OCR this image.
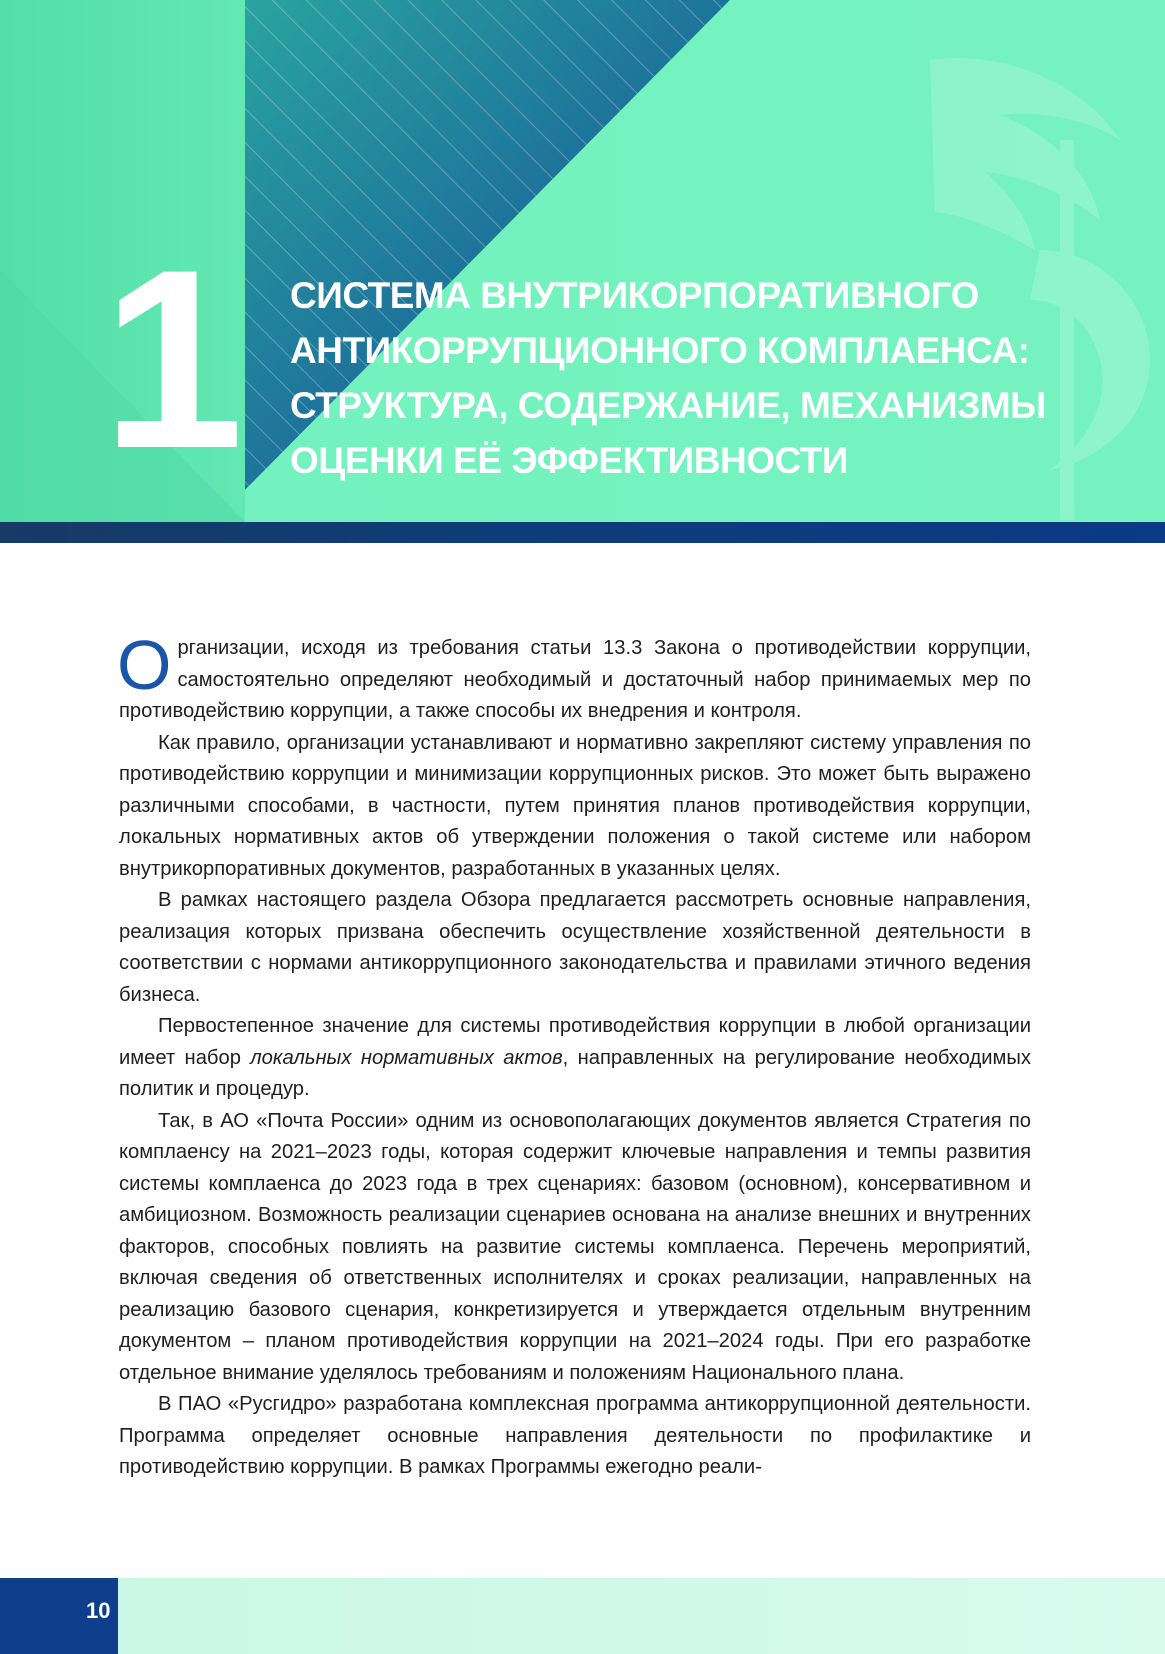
1 СИСТЕМА ВНУТРИКОРПОРАТИВНОГО
АНТИКОРРУПЦИОННОГО КОМПЛАЕНСА:
СТРУКТУРА, СОДЕРЖАНИЕ, МЕХАНИЗМЫ
ОЦЕНКИ ЕЁ ЭФФЕКТИВНОСТИ

Организации, исходя из требования статьи 13.3 Закона о противодействии коррупции, самостоятельно определяют необходимый и достаточный набор принимаемых мер по противодействию коррупции, а также способы их внедрения и контроля.

Как правило, организации устанавливают и нормативно закрепляют систему управления по противодействию коррупции и минимизации коррупционных рисков. Это может быть выражено различными способами, в частности, путем принятия планов противодействия коррупции, локальных нормативных актов об утверждении положения о такой системе или набором внутрикорпоративных документов, разработанных в указанных целях.

В рамках настоящего раздела Обзора предлагается рассмотреть основные направления, реализация которых призвана обеспечить осуществление хозяйственной деятельности в соответствии с нормами антикоррупционного законодательства и правилами этичного ведения бизнеса.

Первостепенное значение для системы противодействия коррупции в любой организации имеет набор локальных нормативных актов, направленных на регулирование необходимых политик и процедур.

Так, в АО «Почта России» одним из основополагающих документов является Стратегия по комплаенсу на 2021–2023 годы, которая содержит ключевые направления и темпы развития системы комплаенса до 2023 года в трех сценариях: базовом (основном), консервативном и амбициозном. Возможность реализации сценариев основана на анализе внешних и внутренних факторов, способных повлиять на развитие системы комплаенса. Перечень мероприятий, включая сведения об ответственных исполнителях и сроках реализации, направленных на реализацию базового сценария, конкретизируется и утверждается отдельным внутренним документом – планом противодействия коррупции на 2021–2024 годы. При его разработке отдельное внимание уделялось требованиям и положениям Национального плана.

В ПАО «Русгидро» разработана комплексная программа антикоррупционной деятельности. Программа определяет основные направления деятельности по профилактике и противодействию коррупции. В рамках Программы ежегодно реали-

10
